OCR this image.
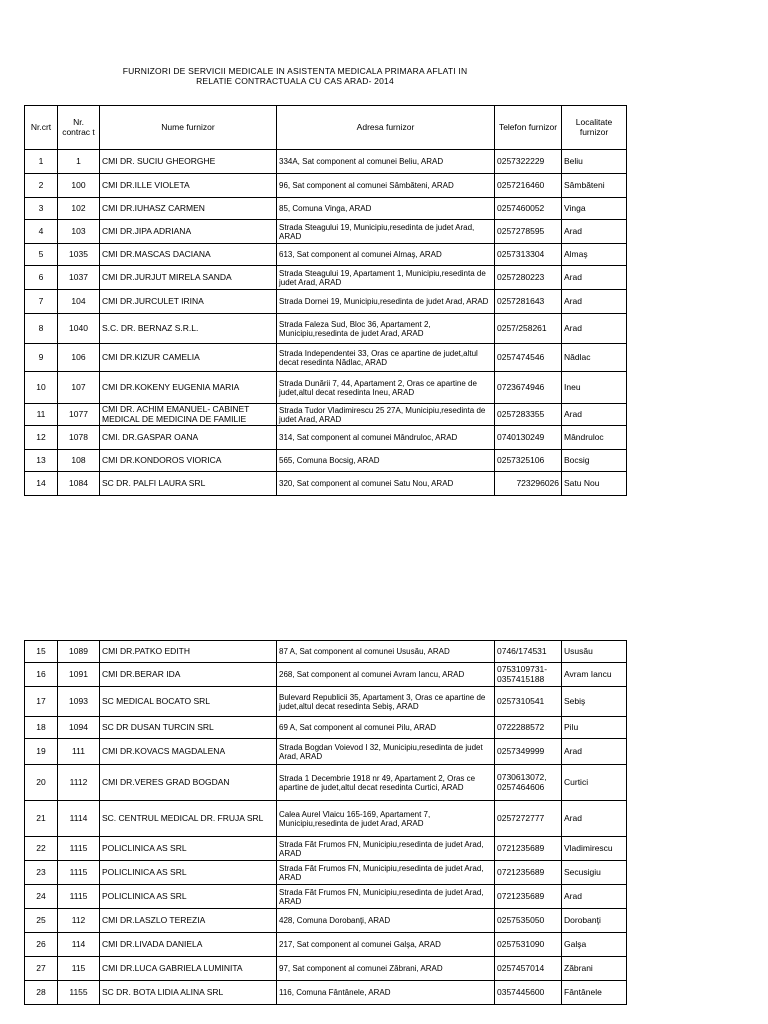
FURNIZORI DE SERVICII MEDICALE IN ASISTENTA MEDICALA PRIMARA AFLATI IN
RELATIE CONTRACTUALA CU CAS ARAD- 2014
Nr.crt	Nr. contrac t	Nume furnizor	Adresa furnizor	Telefon furnizor	Localitate furnizor
1	1	CMI DR. SUCIU GHEORGHE	334A, Sat component al comunei Beliu, ARAD	0257322229	Beliu
2	100	CMI DR.ILLE VIOLETA	96, Sat component al comunei Sâmbăteni, ARAD	0257216460	Sâmbăteni
3	102	CMI DR.IUHASZ CARMEN	85, Comuna Vinga, ARAD	0257460052	Vinga
4	103	CMI DR.JIPA ADRIANA	Strada Steagului 19, Municipiu,resedinta de judet Arad, ARAD	0257278595	Arad
5	1035	CMI DR.MASCAS DACIANA	613, Sat component al comunei Almaş, ARAD	0257313304	Almaş
6	1037	CMI DR.JURJUT MIRELA SANDA	Strada Steagului 19, Apartament 1, Municipiu,resedinta de judet Arad, ARAD	0257280223	Arad
7	104	CMI DR.JURCULET IRINA	Strada Dornei 19, Municipiu,resedinta de judet Arad, ARAD	0257281643	Arad
8	1040	S.C. DR. BERNAZ S.R.L.	Strada Faleza Sud, Bloc 36, Apartament 2, Municipiu,resedinta de judet Arad, ARAD	0257/258261	Arad
9	106	CMI DR.KIZUR CAMELIA	Strada Independentei 33, Oras ce apartine de judet,altul decat resedinta Nădlac, ARAD	0257474546	Nădlac
10	107	CMI DR.KOKENY EUGENIA MARIA	Strada Dunării 7, 44, Apartament 2, Oras ce apartine de judet,altul decat resedinta Ineu, ARAD	0723674946	Ineu
11	1077	CMI DR. ACHIM EMANUEL- CABINET MEDICAL DE MEDICINA DE FAMILIE	Strada Tudor Vladimirescu 25 27A, Municipiu,resedinta de judet Arad, ARAD	0257283355	Arad
12	1078	CMI. DR.GASPAR OANA	314, Sat component al comunei Mândruloc, ARAD	0740130249	Mândruloc
13	108	CMI DR.KONDOROS VIORICA	565, Comuna Bocsig, ARAD	0257325106	Bocsig
14	1084	SC DR. PALFI LAURA SRL	320, Sat component al comunei Satu Nou, ARAD	723296026	Satu Nou
15	1089	CMI DR.PATKO EDITH	87 A, Sat component al comunei Ususău, ARAD	0746/174531	Ususău
16	1091	CMI DR.BERAR IDA	268, Sat component al comunei Avram Iancu, ARAD	0753109731- 0357415188	Avram Iancu
17	1093	SC MEDICAL BOCATO SRL	Bulevard Republicii 35, Apartament 3, Oras ce apartine de judet,altul decat resedinta Sebiş, ARAD	0257310541	Sebiş
18	1094	SC DR DUSAN TURCIN SRL	69 A, Sat component al comunei Pilu, ARAD	0722288572	Pilu
19	111	CMI DR.KOVACS MAGDALENA	Strada Bogdan Voievod I 32, Municipiu,resedinta de judet Arad, ARAD	0257349999	Arad
20	1112	CMI DR.VERES GRAD BOGDAN	Strada 1 Decembrie 1918 nr 49, Apartament 2, Oras ce apartine de judet,altul decat resedinta Curtici, ARAD	0730613072, 0257464606	Curtici
21	1114	SC. CENTRUL MEDICAL DR. FRUJA SRL	Calea Aurel Vlaicu 165-169, Apartament 7, Municipiu,resedinta de judet Arad, ARAD	0257272777	Arad
22	1115	POLICLINICA AS SRL	Strada Făt Frumos FN, Municipiu,resedinta de judet Arad, ARAD	0721235689	Vladimirescu
23	1115	POLICLINICA AS SRL	Strada Făt Frumos FN, Municipiu,resedinta de judet Arad, ARAD	0721235689	Secusigiu
24	1115	POLICLINICA AS SRL	Strada Făt Frumos FN, Municipiu,resedinta de judet Arad, ARAD	0721235689	Arad
25	112	CMI DR.LASZLO TEREZIA	428, Comuna Dorobanţi, ARAD	0257535050	Dorobanţi
26	114	CMI DR.LIVADA DANIELA	217, Sat component al comunei Galşa, ARAD	0257531090	Galşa
27	115	CMI DR.LUCA GABRIELA LUMINITA	97, Sat component al comunei Zăbrani, ARAD	0257457014	Zăbrani
28	1155	SC DR. BOTA LIDIA ALINA SRL	116, Comuna Fântânele, ARAD	0357445600	Fântânele
